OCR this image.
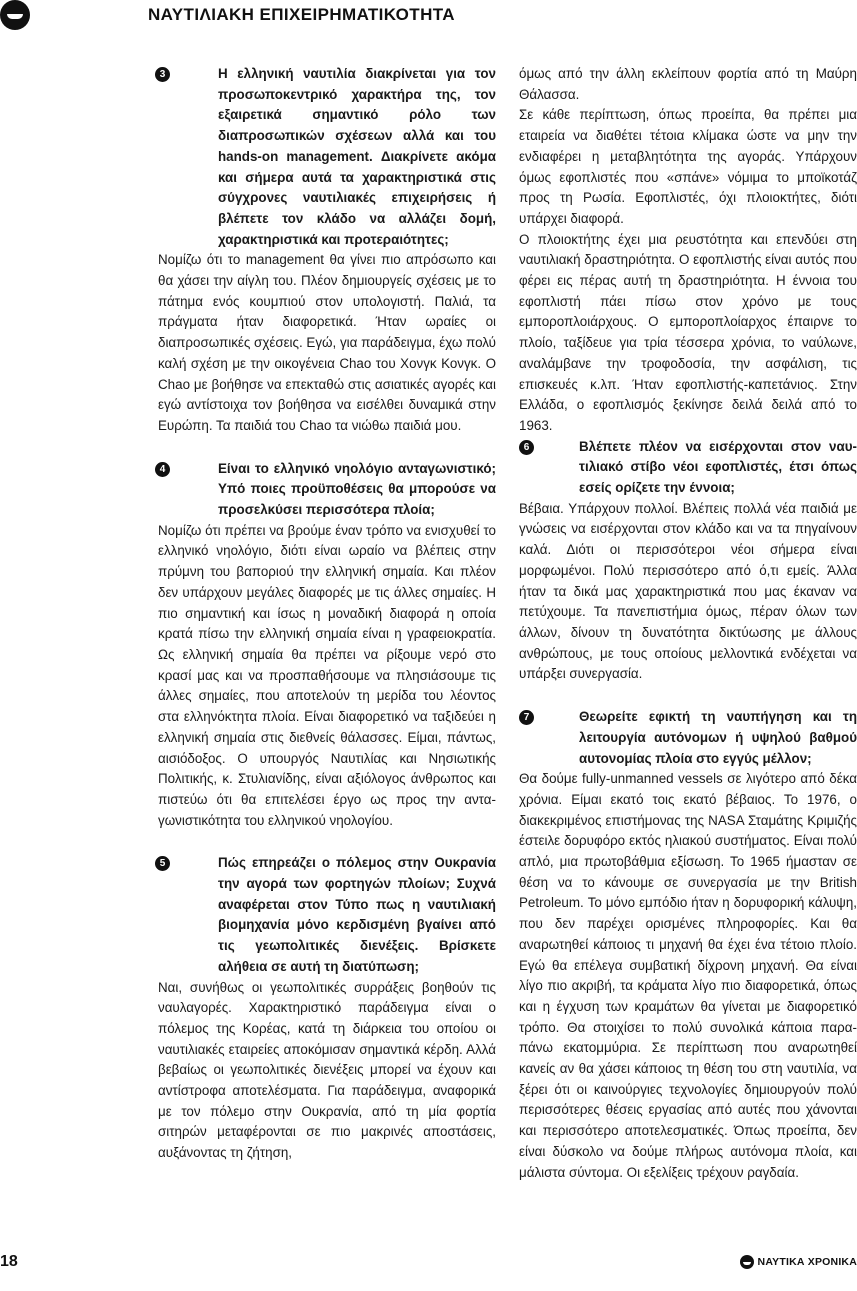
ΝΑΥΤΙΛΙΑΚΗ ΕΠΙΧΕΙΡΗΜΑΤΙΚΟΤΗΤΑ
3	Η ελληνική ναυτιλία διακρίνεται για τον προσωποκεντρικό χαρακτήρα της, τον εξαιρετικά σημαντικό ρόλο των διαπροσωπικών σχέσεων αλλά και του hands-on management. Διακρίνετε ακόμα και σήμερα αυτά τα χαρακτηριστικά στις σύγχρονες ναυτιλιακές επιχειρήσεις ή βλέπετε τον κλάδο να αλλάζει δομή, χαρακτηριστικά και προτεραιότητες;

Νομίζω ότι το management θα γίνει πιο απρόσωπο και θα χάσει την αίγλη του. Πλέον δημιουργείς σχέσεις με το πάτημα ενός κουμπιού στον υπολογιστή. Παλιά, τα πράγματα ήταν διαφορετικά. Ήταν ωραίες οι διαπροσωπικές σχέσεις. Εγώ, για παράδειγμα, έχω πολύ καλή σχέση με την οικογένεια Chao του Χονγκ Κονγκ. Ο Chao με βοήθησε να επεκταθώ στις ασιατικές αγορές και εγώ αντίστοιχα τον βοήθησα να εισέλθει δυναμικά στην Ευρώπη. Τα παιδιά του Chao τα νιώθω παιδιά μου.

4	Είναι το ελληνικό νηολόγιο ανταγωνιστικό; Υπό ποιες προϋποθέσεις θα μπορούσε να προσελκύσει περισσότερα πλοία;

Νομίζω ότι πρέπει να βρούμε έναν τρόπο να ενισχυθεί το ελληνικό νηολόγιο, διότι είναι ωραίο να βλέπεις στην πρύμνη του βαποριού την ελληνική σημαία. Και πλέον δεν υπάρχουν μεγάλες διαφορές με τις άλλες σημαίες. Η πιο σημαντική και ίσως η μοναδική διαφορά η οποία κρατά πίσω την ελληνική σημαία είναι η γραφειοκρατία. Ως ελληνική σημαία θα πρέπει να ρίξουμε νερό στο κρασί μας και να προσπαθήσουμε να πλησιάσουμε τις άλλες σημαίες, που αποτελούν τη μερίδα του λέοντος στα ελληνόκτητα πλοία. Είναι διαφορετικό να ταξιδεύει η ελληνική σημαία στις διεθνείς θάλασσες. Είμαι, πάντως, αισιόδοξος. Ο υπουργός Ναυτιλίας και Νησιωτικής Πολιτικής, κ. Στυλιανίδης, είναι αξιόλογος άνθρωπος και πιστεύω ότι θα επιτελέσει έργο ως προς την ανταγωνιστικότητα του ελληνικού νηολογίου.

5	Πώς επηρεάζει ο πόλεμος στην Ουκρανία την αγορά των φορτηγών πλοίων; Συχνά αναφέρεται στον Τύπο πως η ναυτιλιακή βιομηχανία μόνο κερδισμένη βγαίνει από τις γεωπολιτικές διενέξεις. Βρίσκετε αλήθεια σε αυτή τη διατύπωση;

Ναι, συνήθως οι γεωπολιτικές συρράξεις βοηθούν τις ναυλαγορές. Χαρακτηριστικό παράδειγμα είναι ο πόλεμος της Κορέας, κατά τη διάρκεια του οποίου οι ναυτιλιακές εταιρείες αποκόμισαν σημαντικά κέρδη. Αλλά βεβαίως οι γεωπολιτικές διενέξεις μπορεί να έχουν και αντίστροφα αποτελέσματα. Για παράδειγμα, αναφορικά με τον πόλεμο στην Ουκρανία, από τη μία φορτία σιτηρών μεταφέρονται σε πιο μακρινές αποστάσεις, αυξάνοντας τη ζήτηση,

όμως από την άλλη εκλείπουν φορτία από τη Μαύρη Θάλασσα.

Σε κάθε περίπτωση, όπως προείπα, θα πρέπει μια εταιρεία να διαθέτει τέτοια κλίμακα ώστε να μην την ενδιαφέρει η μεταβλητότητα της αγοράς. Υπάρχουν όμως εφοπλιστές που «σπάνε» νόμιμα το μποϊκοτάζ προς τη Ρωσία. Εφοπλιστές, όχι πλοιοκτήτες, διότι υπάρχει διαφορά.

Ο πλοιοκτήτης έχει μια ρευστότητα και επενδύει στη ναυτιλιακή δραστηριότητα. Ο εφοπλιστής είναι αυτός που φέρει εις πέρας αυτή τη δραστηριότητα. Η έννοια του εφοπλιστή πάει πίσω στον χρόνο με τους εμποροπλοιάρχους. Ο εμποροπλοίαρχος έπαιρνε το πλοίο, ταξίδευε για τρία τέσσερα χρόνια, το ναύλωνε, αναλάμβανε την τροφοδοσία, την ασφάλιση, τις επισκευές κ.λπ. Ήταν εφοπλιστής-καπετάνιος. Στην Ελλάδα, ο εφοπλισμός ξεκίνησε δειλά δειλά από το 1963.

6	Βλέπετε πλέον να εισέρχονται στον ναυτιλιακό στίβο νέοι εφοπλιστές, έτσι όπως εσείς ορίζετε την έννοια;

Βέβαια. Υπάρχουν πολλοί. Βλέπεις πολλά νέα παιδιά με γνώσεις να εισέρχονται στον κλάδο και να τα πηγαίνουν καλά. Διότι οι περισσότεροι νέοι σήμερα είναι μορφωμένοι. Πολύ περισσότερο από ό,τι εμείς. Άλλα ήταν τα δικά μας χαρακτηριστικά που μας έκαναν να πετύχουμε. Τα πανεπιστήμια όμως, πέραν όλων των άλλων, δίνουν τη δυνατότητα δικτύωσης με άλλους ανθρώπους, με τους οποίους μελλοντικά ενδέχεται να υπάρξει συνεργασία.

7	Θεωρείτε εφικτή τη ναυπήγηση και τη λειτουργία αυτόνομων ή υψηλού βαθμού αυτονομίας πλοία στο εγγύς μέλλον;

Θα δούμε fully-unmanned vessels σε λιγότερο από δέκα χρόνια. Είμαι εκατό τοις εκατό βέβαιος. Το 1976, ο διακεκριμένος επιστήμονας της NASA Σταμάτης Κριμιζής έστειλε δορυφόρο εκτός ηλιακού συστήματος. Είναι πολύ απλό, μια πρωτοβάθμια εξίσωση. Το 1965 ήμασταν σε θέση να το κάνουμε σε συνεργασία με την British Petroleum. Το μόνο εμπόδιο ήταν η δορυφορική κάλυψη, που δεν παρέχει ορισμένες πληροφορίες. Και θα αναρωτηθεί κάποιος τι μηχανή θα έχει ένα τέτοιο πλοίο. Εγώ θα επέλεγα συμβατική δίχρονη μηχανή. Θα είναι λίγο πιο ακριβή, τα κράματα λίγο πιο διαφορετικά, όπως και η έγχυση των κραμάτων θα γίνεται με διαφορετικό τρόπο. Θα στοιχίσει το πολύ συνολικά κάποια παραπάνω εκατομμύρια. Σε περίπτωση που αναρωτηθεί κανείς αν θα χάσει κάποιος τη θέση του στη ναυτιλία, να ξέρει ότι οι καινούργιες τεχνολογίες δημιουργούν πολύ περισσότερες θέσεις εργασίας από αυτές που χάνονται και περισσότερο αποτελεσματικές. Όπως προείπα, δεν είναι δύσκολο να δούμε πλήρως αυτόνομα πλοία, και μάλιστα σύντομα. Οι εξελίξεις τρέχουν ραγδαία.

18	ΝΑΥΤΙΚΑ ΧΡΟΝΙΚΑ
